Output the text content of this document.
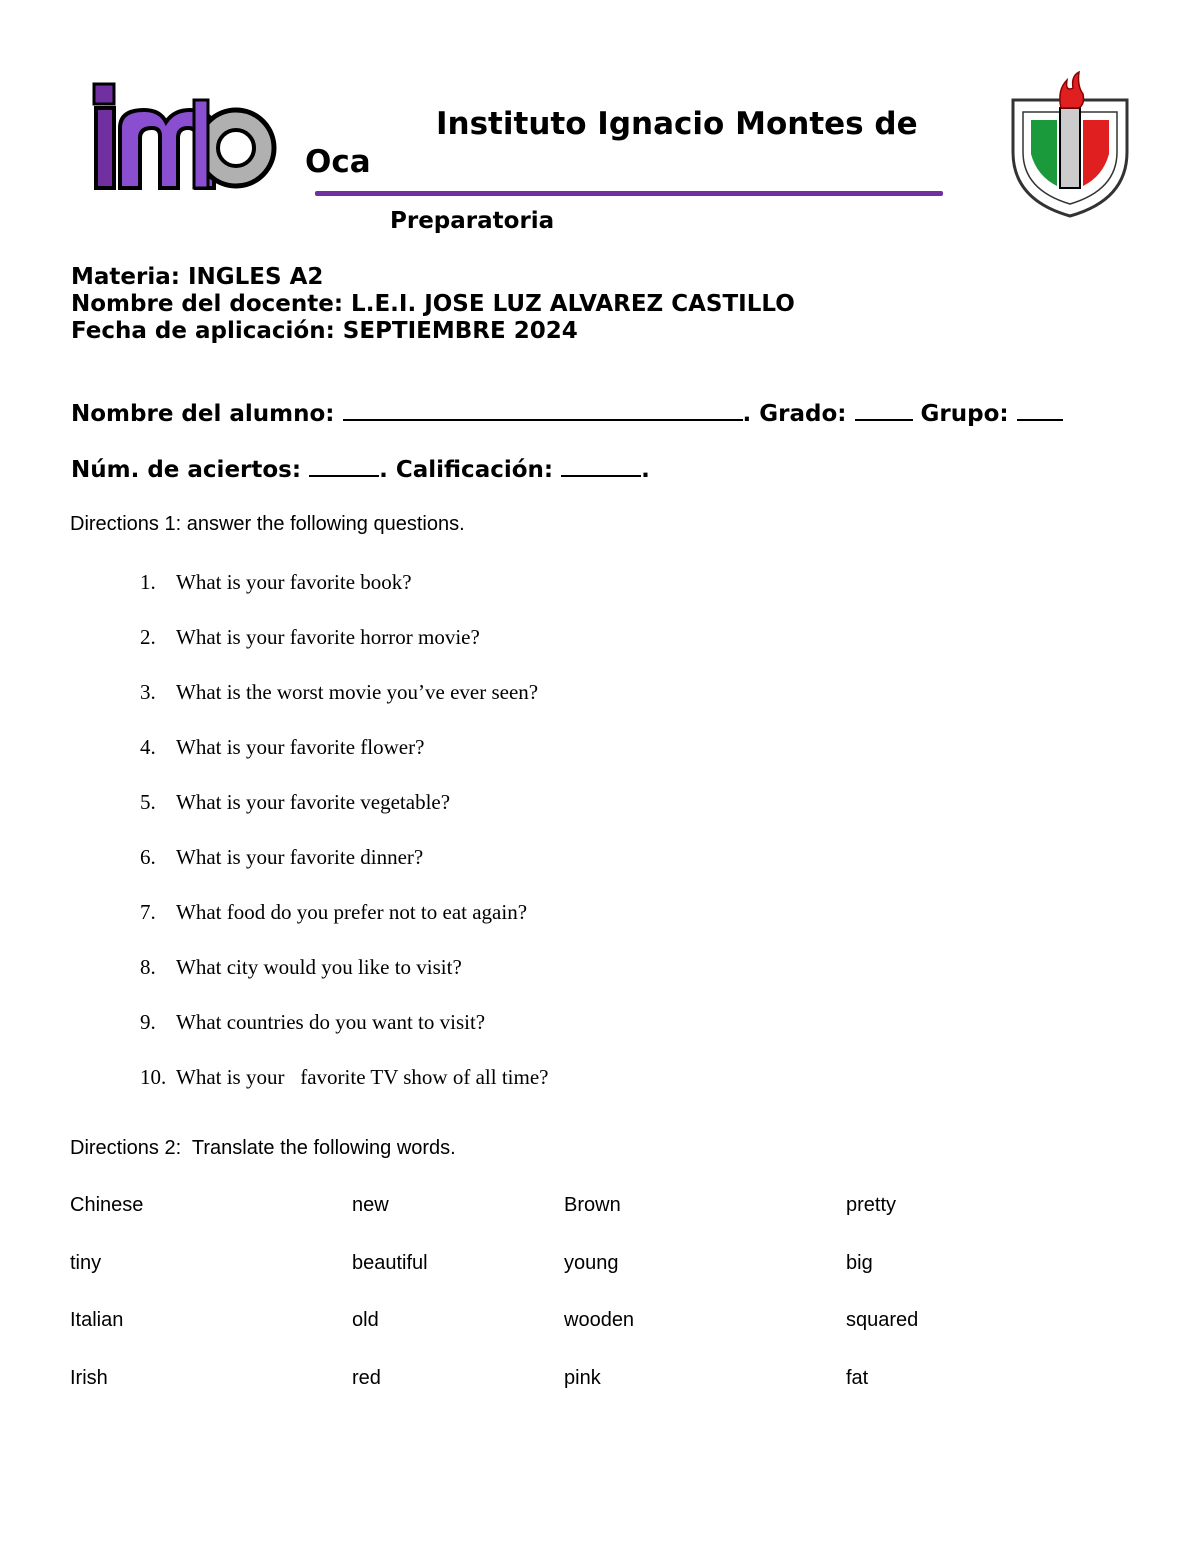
Instituto Ignacio Montes de
Oca
Preparatoria
Materia: INGLES A2
Nombre del docente: L.E.I. JOSE LUZ ALVAREZ CASTILLO
Fecha de aplicación: SEPTIEMBRE 2024
Nombre del alumno:	. Grado:	Grupo:
Núm. de aciertos:	. Calificación:	.
Directions 1: answer the following questions.
1. What is your favorite book?
2. What is your favorite horror movie?
3. What is the worst movie you’ve ever seen?
4. What is your favorite flower?
5. What is your favorite vegetable?
6. What is your favorite dinner?
7. What food do you prefer not to eat again?
8. What city would you like to visit?
9. What countries do you want to visit?
10. What is your   favorite TV show of all time?
Directions 2:  Translate the following words.
Chinese	new	Brown	pretty
tiny	beautiful	young	big
Italian	old	wooden	squared
Irish	red	pink	fat
